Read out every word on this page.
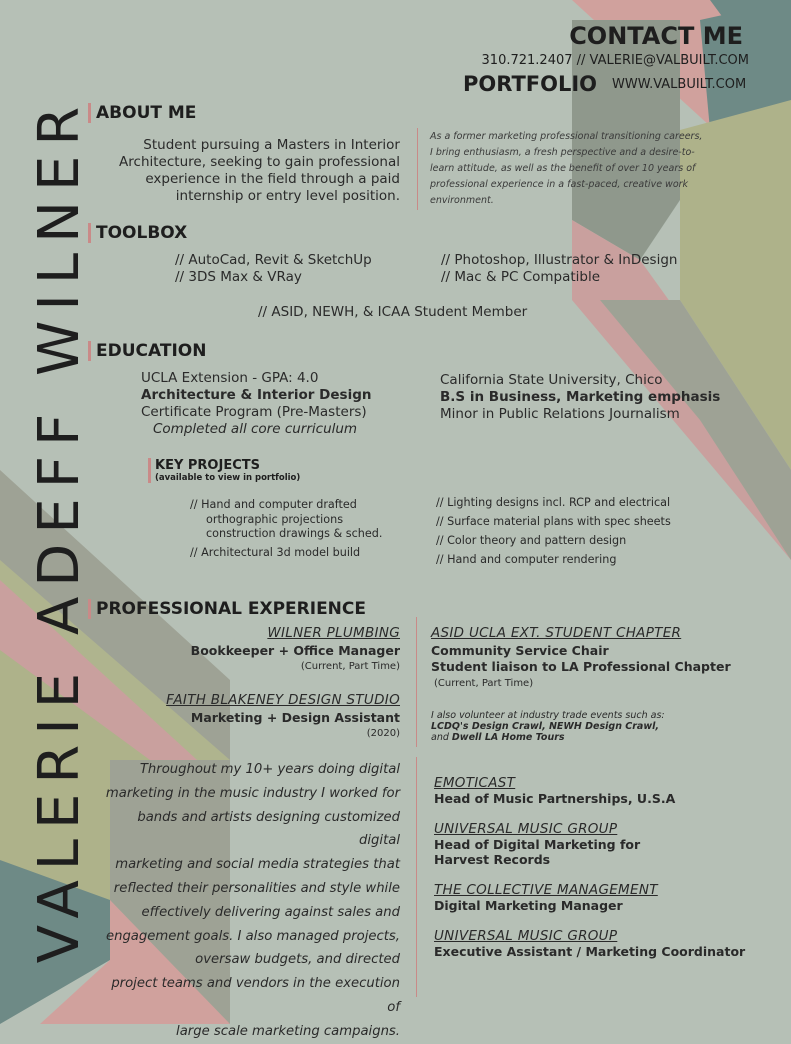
VALERIE ADEFF WILNER
CONTACT ME
310.721.2407 // VALERIE@VALBUILT.COM
PORTFOLIO WWW.VALBUILT.COM
ABOUT ME
Student pursuing a Masters in Interior
Architecture, seeking to gain professional
experience in the field through a paid
internship or entry level position.
As a former marketing professional transitioning careers,
I bring enthusiasm, a fresh perspective and a desire-to-
learn attitude, as well as the benefit of over 10 years of
professional experience in a fast-paced, creative work
environment.
TOOLBOX
// AutoCad, Revit & SketchUp
// 3DS Max & VRay
// Photoshop, Illustrator & InDesign
// Mac & PC Compatible
// ASID, NEWH, & ICAA Student Member
EDUCATION
UCLA Extension - GPA: 4.0
Architecture & Interior Design
Certificate Program (Pre-Masters)
Completed all core curriculum
California State University, Chico
B.S in Business, Marketing emphasis
Minor in Public Relations Journalism
KEY PROJECTS
(available to view in portfolio)
// Hand and computer drafted
orthographic projections
construction drawings & sched.
// Architectural 3d model build
// Lighting designs incl. RCP and electrical
// Surface material plans with spec sheets
// Color theory and pattern design
// Hand and computer rendering
PROFESSIONAL EXPERIENCE
WILNER PLUMBING
Bookkeeper + Office Manager
(Current, Part Time)
FAITH BLAKENEY DESIGN STUDIO
Marketing + Design Assistant
(2020)
ASID UCLA EXT. STUDENT CHAPTER
Community Service Chair
Student liaison to LA Professional Chapter
(Current, Part Time)
I also volunteer at industry trade events such as:
LCDQ's Design Crawl, NEWH Design Crawl,
and Dwell LA Home Tours
Throughout my 10+ years doing digital
marketing in the music industry I worked for
bands and artists designing customized digital
marketing and social media strategies that
reflected their personalities and style while
effectively delivering against sales and
engagement goals. I also managed projects,
oversaw budgets, and directed
project teams and vendors in the execution of
large scale marketing campaigns.
EMOTICAST
Head of Music Partnerships, U.S.A
UNIVERSAL MUSIC GROUP
Head of Digital Marketing for
Harvest Records
THE COLLECTIVE MANAGEMENT
Digital Marketing Manager
UNIVERSAL MUSIC GROUP
Executive Assistant / Marketing Coordinator
